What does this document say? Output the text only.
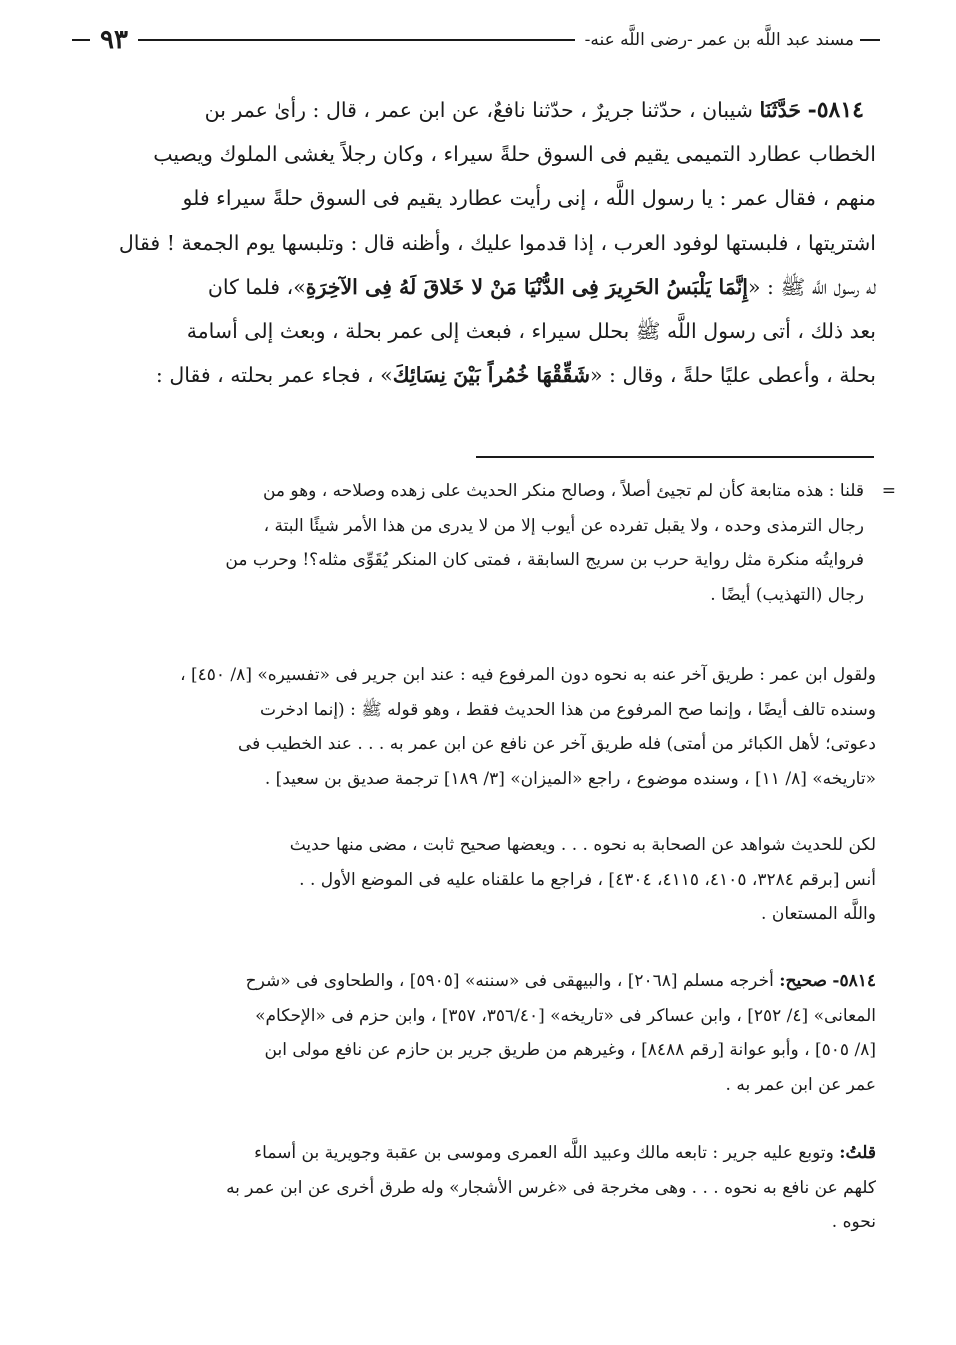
مسند عبد اللَّه بن عمر -رضى اللَّه عنه-
٩٣
٥٨١٤- حَدَّثَنَا شيبان ، حدّثنا جريرٌ ، حدّثنا نافعٌ، عن ابن عمر ، قال : رأىٰ عمر بن
الخطاب عطارد التميمى يقيم فى السوق حلةً سيراء ، وكان رجلاً يغشى الملوك ويصيب
منهم ، فقال عمر : يا رسول اللَّه ، إنى رأيت عطارد يقيم فى السوق حلةً سيراء فلو
اشتريتها ، فلبستها لوفود العرب ، إذا قدموا عليك ، وأظنه قال : وتلبسها يوم الجمعة ! فقال
له رسول اللَّه ﷺ : «إِنَّمَا يَلْبَسُ الحَرِيرَ فِى الدُّنْيَا مَنْ لا خَلاقَ لَهُ فِى الآخِرَةِ»، فلما كان
بعد ذلك ، أتى رسول اللَّه ﷺ بحلل سيراء ، فبعث إلى عمر بحلة ، وبعث إلى أسامة
بحلة ، وأعطى عليًا حلةً ، وقال : «شَقِّقْهَا خُمُراً بَيْنَ نِسَائِكَ» ، فجاء عمر بحلته ، فقال :
=
قلنا : هذه متابعة كأن لم تجيئ أصلاً ، وصالح منكر الحديث على زهده وصلاحه ، وهو من
رجال الترمذى وحده ، ولا يقبل تفرده عن أيوب إلا من لا يدرى من هذا الأمر شيئًا البتة ،
فروايتُه منكرة مثل رواية حرب بن سريج السابقة ، فمتى كان المنكر يُقَوِّى مثله؟! وحرب من
رجال (التهذيب) أيضًا .
ولقول ابن عمر : طريق آخر عنه به نحوه دون المرفوع فيه : عند ابن جرير فى «تفسيره» [٨/ ٤٥٠] ،
وسنده تالف أيضًا ، وإنما صح المرفوع من هذا الحديث فقط ، وهو قوله ﷺ : (إنما ادخرت
دعوتى؛ لأهل الكبائر من أمتى) فله طريق آخر عن نافع عن ابن عمر به . . . عند الخطيب فى
«تاريخه» [٨/ ١١] ، وسنده موضوع ، راجع «الميزان» [٣/ ١٨٩] ترجمة صديق بن سعيد] .
لكن للحديث شواهد عن الصحابة به نحوه . . . ويعضها صحيح ثابت ، مضى منها حديث
أنس [برقم ٣٢٨٤، ٤١٠٥، ٤١١٥، ٤٣٠٤] ، فراجع ما علقناه عليه فى الموضع الأول . .
واللَّه المستعان .
٥٨١٤- صحيح: أخرجه مسلم [٢٠٦٨] ، والبيهقى فى «سننه» [٥٩٠٥] ، والطحاوى فى «شرح
المعانى» [٤/ ٢٥٢] ، وابن عساكر فى «تاريخه» [٣٥٦/٤٠، ٣٥٧] ، وابن حزم فى «الإحكام»
[٨/ ٥٠٥] ، وأبو عوانة [رقم ٨٤٨٨] ، وغيرهم من طريق جرير بن حازم عن نافع مولى ابن
عمر عن ابن عمر به .
قلتُ: وتوبع عليه جرير : تابعه مالك وعبيد اللَّه العمرى وموسى بن عقبة وجويرية بن أسماء
كلهم عن نافع به نحوه . . . وهى مخرجة فى «غرس الأشجار» وله طرق أخرى عن ابن عمر به
نحوه .
